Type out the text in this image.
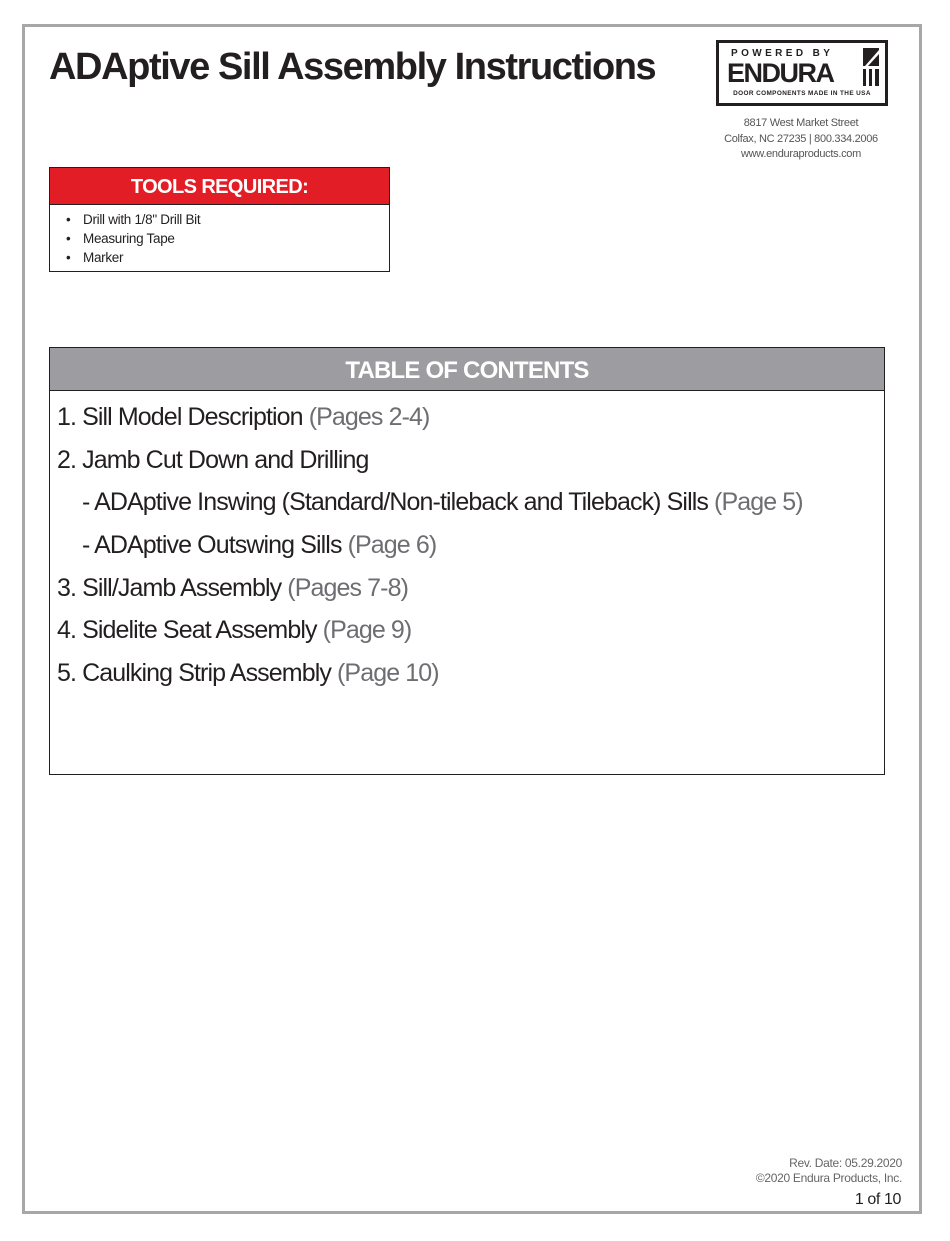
ADAptive Sill Assembly Instructions	POWERED BY
ENDURA
DOOR COMPONENTS MADE IN THE USA
8817 West Market Street
Colfax, NC 27235 | 800.334.2006
www.enduraproducts.com
TOOLS REQUIRED:
• Drill with 1/8" Drill Bit
• Measuring Tape
• Marker
TABLE OF CONTENTS
1. Sill Model Description (Pages 2-4)
2. Jamb Cut Down and Drilling
- ADAptive Inswing (Standard/Non-tileback and Tileback) Sills (Page 5)
- ADAptive Outswing Sills (Page 6)
3. Sill/Jamb Assembly (Pages 7-8)
4. Sidelite Seat Assembly (Page 9)
5. Caulking Strip Assembly (Page 10)
Rev. Date: 05.29.2020
©2020 Endura Products, Inc.
1 of 10
